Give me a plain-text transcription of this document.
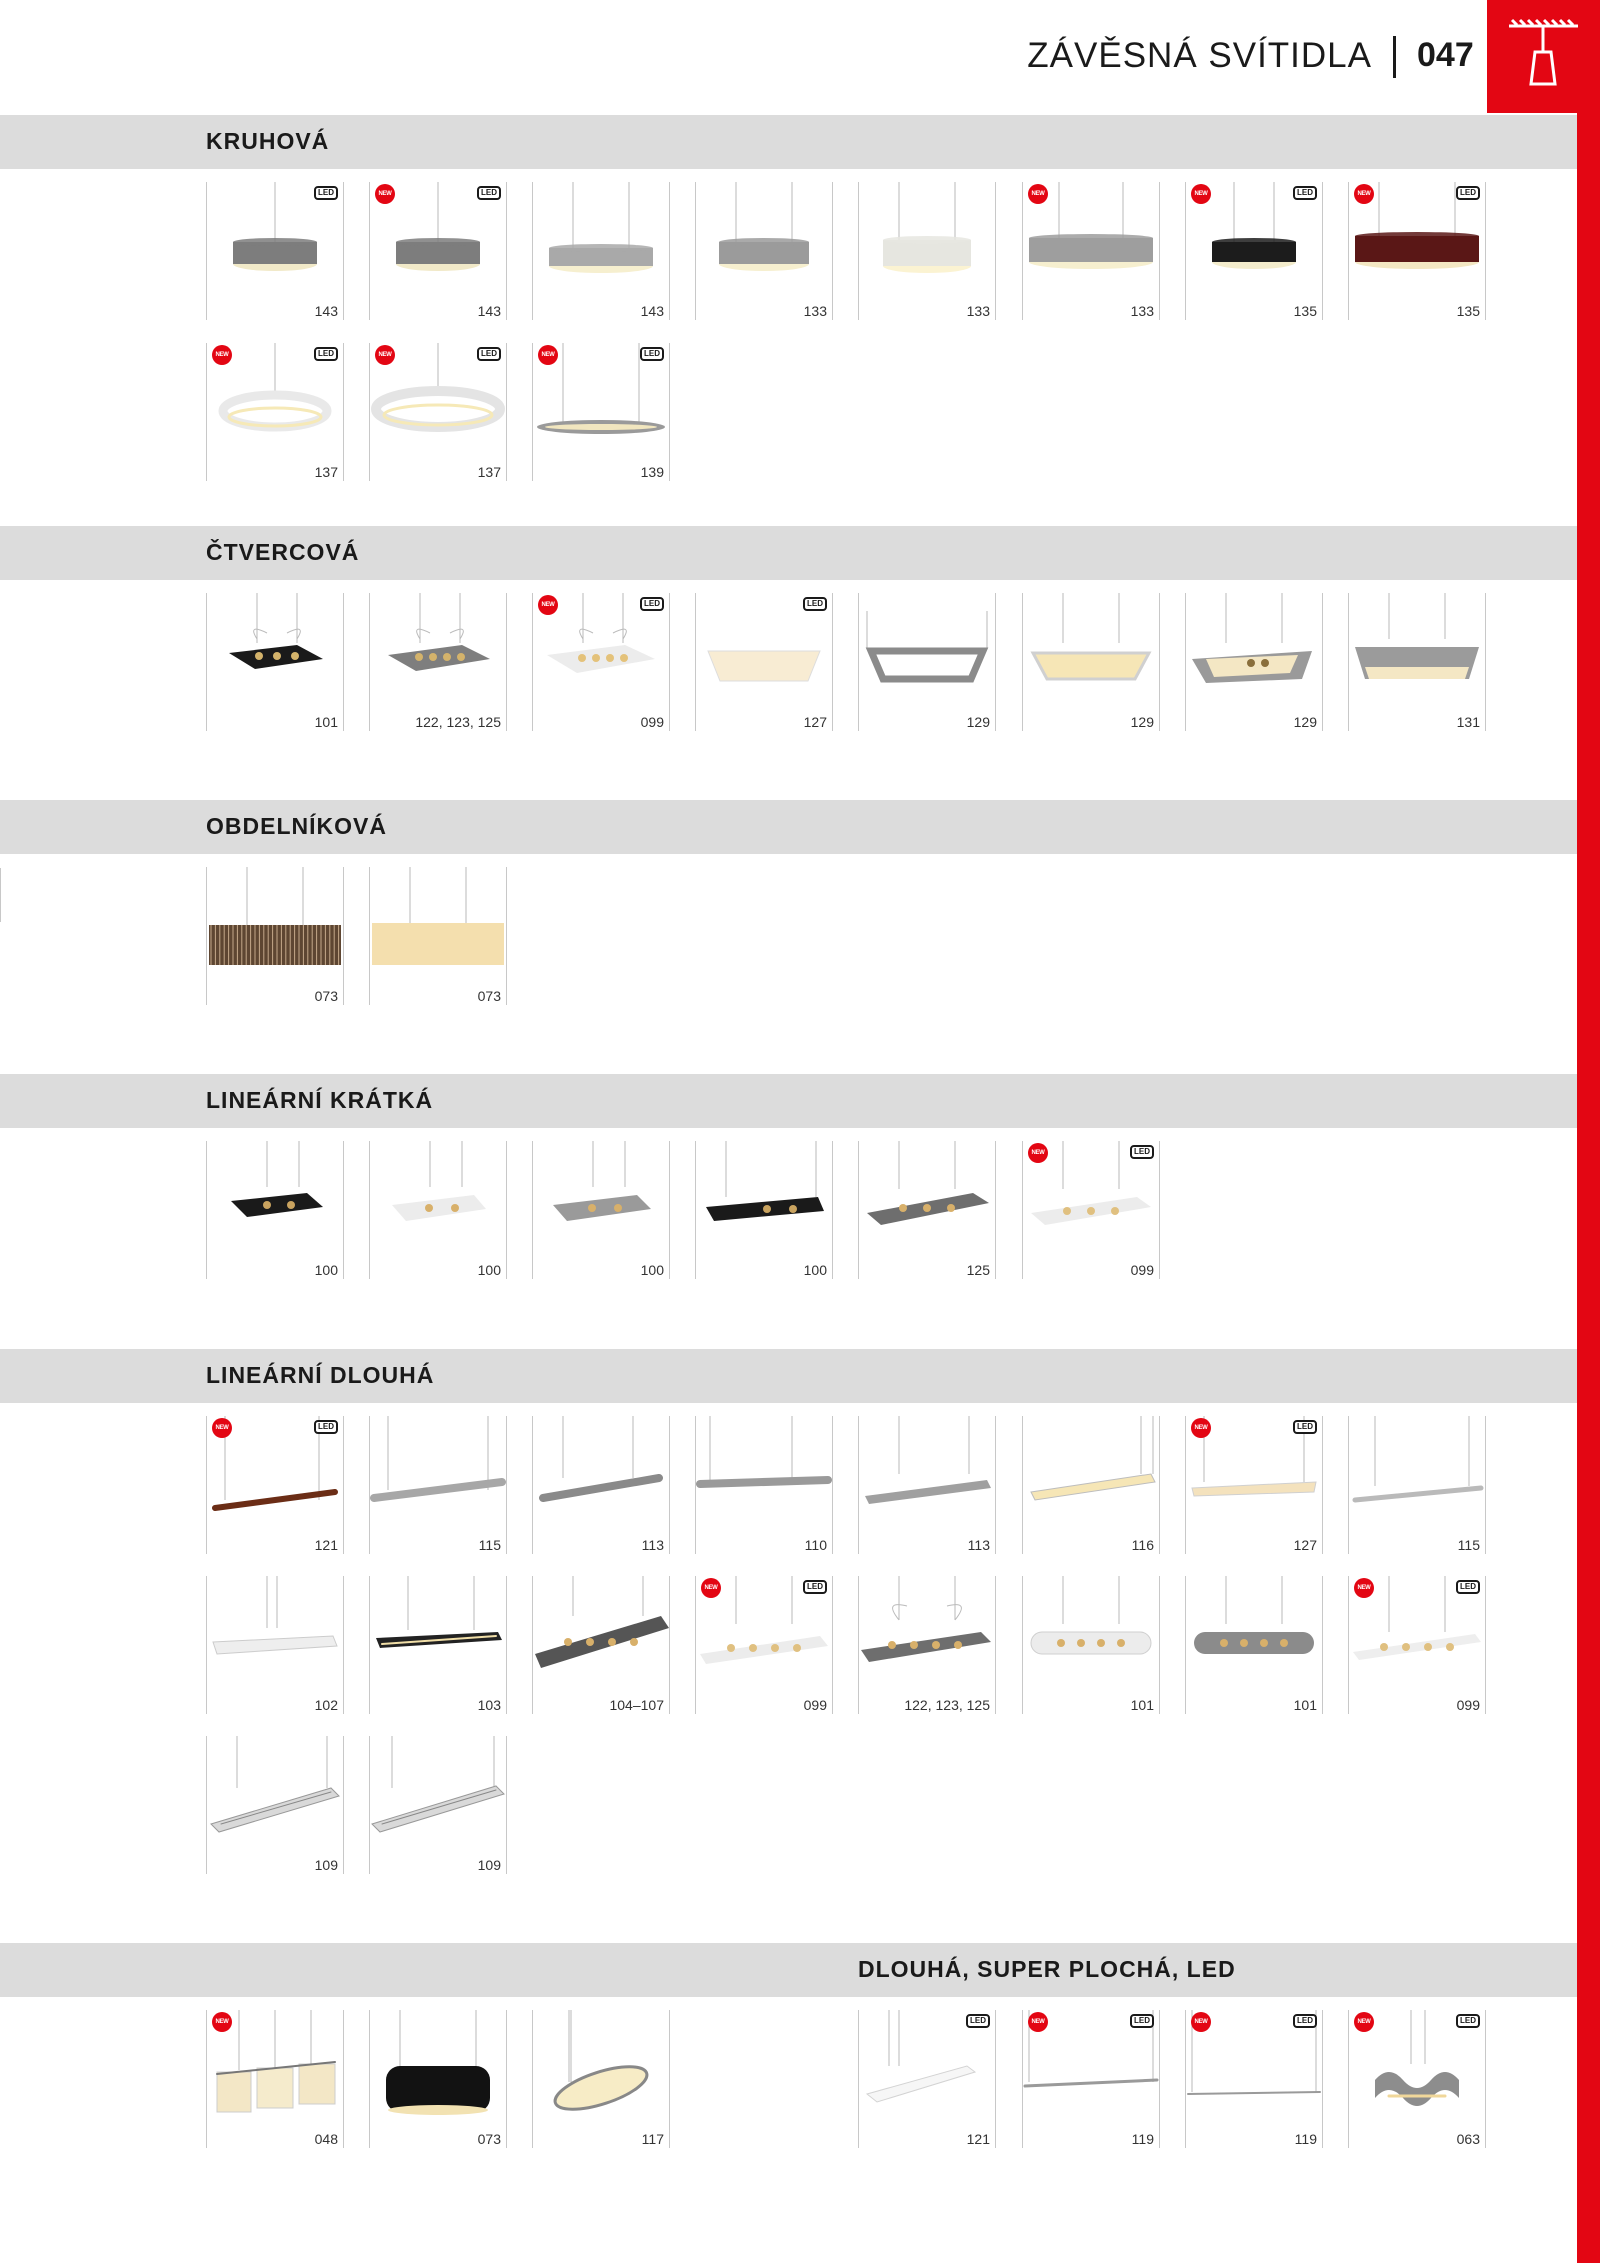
ZÁVĚSNÁ SVÍTIDLA 047
KRUHOVÁ
LED
143
NEW	LED
143	143	133	133
NEW
133
NEW	LED
135
NEW	LED
135
NEW	LED
137
NEW	LED
137
NEW	LED
139
ČTVERCOVÁ
101	122, 123, 125
NEW	LED
099
LED
127	129	129	129	131
OBDELNÍKOVÁ
073	073
LINEÁRNÍ KRÁTKÁ
100	100	100	100	125
NEW	LED
099
LINEÁRNÍ DLOUHÁ
NEW	LED
121	115	113	110	113	116
NEW	LED
127	115
102	103	104–107
NEW	LED
099	122, 123, 125	101	101
NEW	LED
099
109	109
NEW
048	073	117
DLOUHÁ, SUPER PLOCHÁ, LED
LED
121
NEW	LED
119
NEW	LED
119
NEW	LED
063
